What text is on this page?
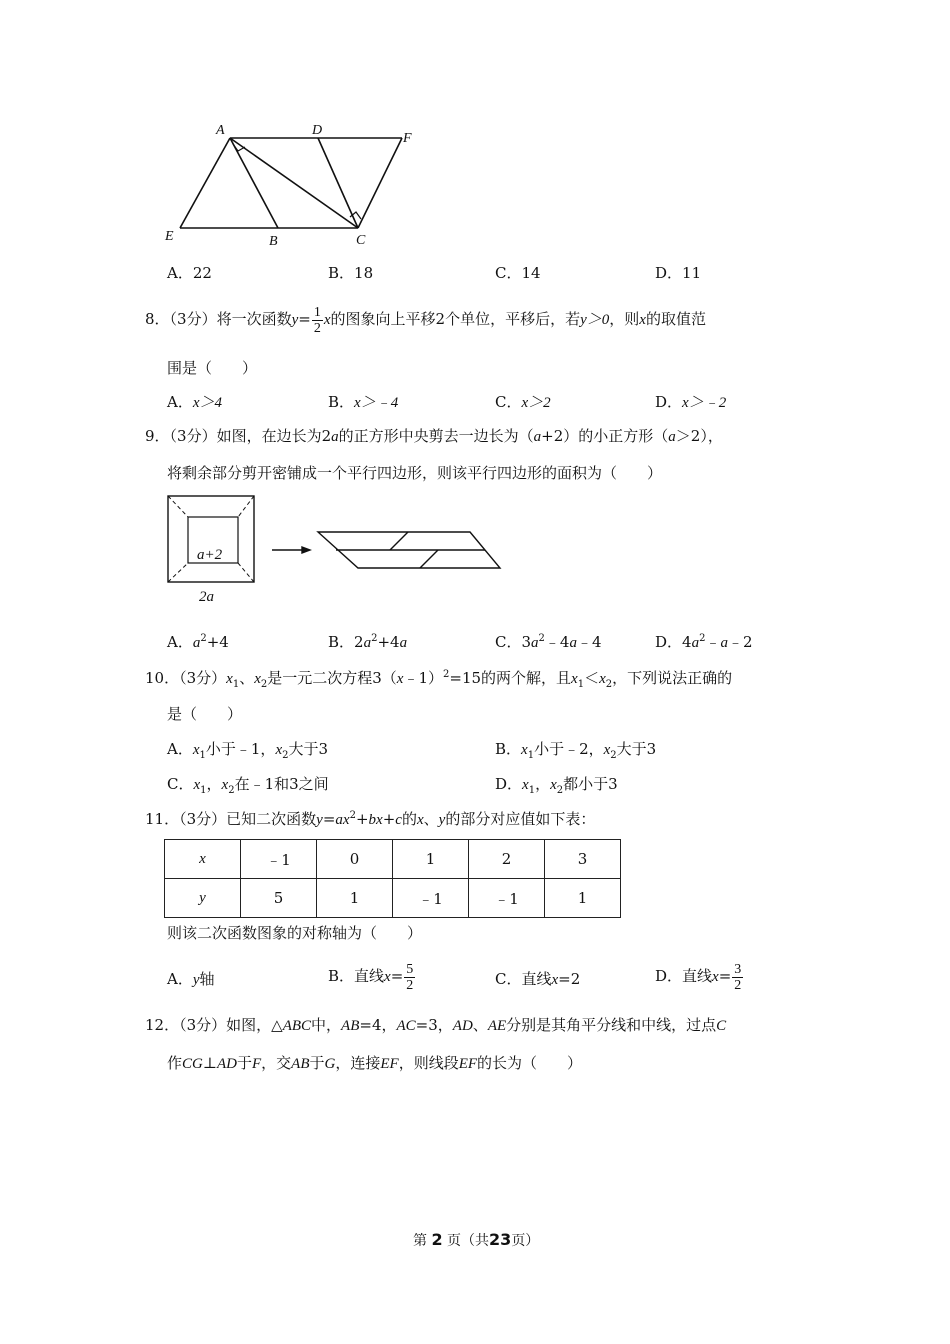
A	D
F
E	B	C
A．22	B．18	C．14	D．11
8．（3分）将一次函数$y= \frac{1}{2}$ x的图象向上平移2个单位，平移后，若y＞0，则x的取值范
围是（　　）
A．x＞4	B．x＞﹣4	C．x＞2	D．x＞﹣2
9．（3分）如图，在边长为2a的正方形中央剪去一边长为（a+2）的小正方形（a＞2），
将剩余部分剪开密铺成一个平行四边形，则该平行四边形的面积为（　　）
a+2
2a
A．$a^2+4$	B．$2a^2+4a$	C．$3a^2﹣4a﹣4$	D．$4a^2﹣a﹣2$
10．（3分）$x_1$、$x_2$是一元二次方程3（x﹣1）$^2$=15的两个解，且$x_1<x_2$，下列说法正确的
是（　　）
A．$x_1$小于﹣1，$x_2$大于3	B．$x_1$小于﹣2，$x_2$大于3
C．$x_1$，$x_2$在﹣1和3之间	D．$x_1$，$x_2$都小于3
11．（3分）已知二次函数$y=ax^2+bx+c$的x、y的部分对应值如下表：
x	﹣1	0	1	2	3
y	5	1	﹣1	﹣1	1
则该二次函数图象的对称轴为（　　）
A．y轴	B．直线$x= \frac{5}{2}$	C．直线x=2	D．直线$x= \frac{3}{2}$
12．（3分）如图，△ABC中，AB=4，AC=3，AD、AE分别是其角平分线和中线，过点C
作CG⊥AD于F，交AB于G，连接EF，则线段EF的长为（　　）
第 2 页（共23页）
